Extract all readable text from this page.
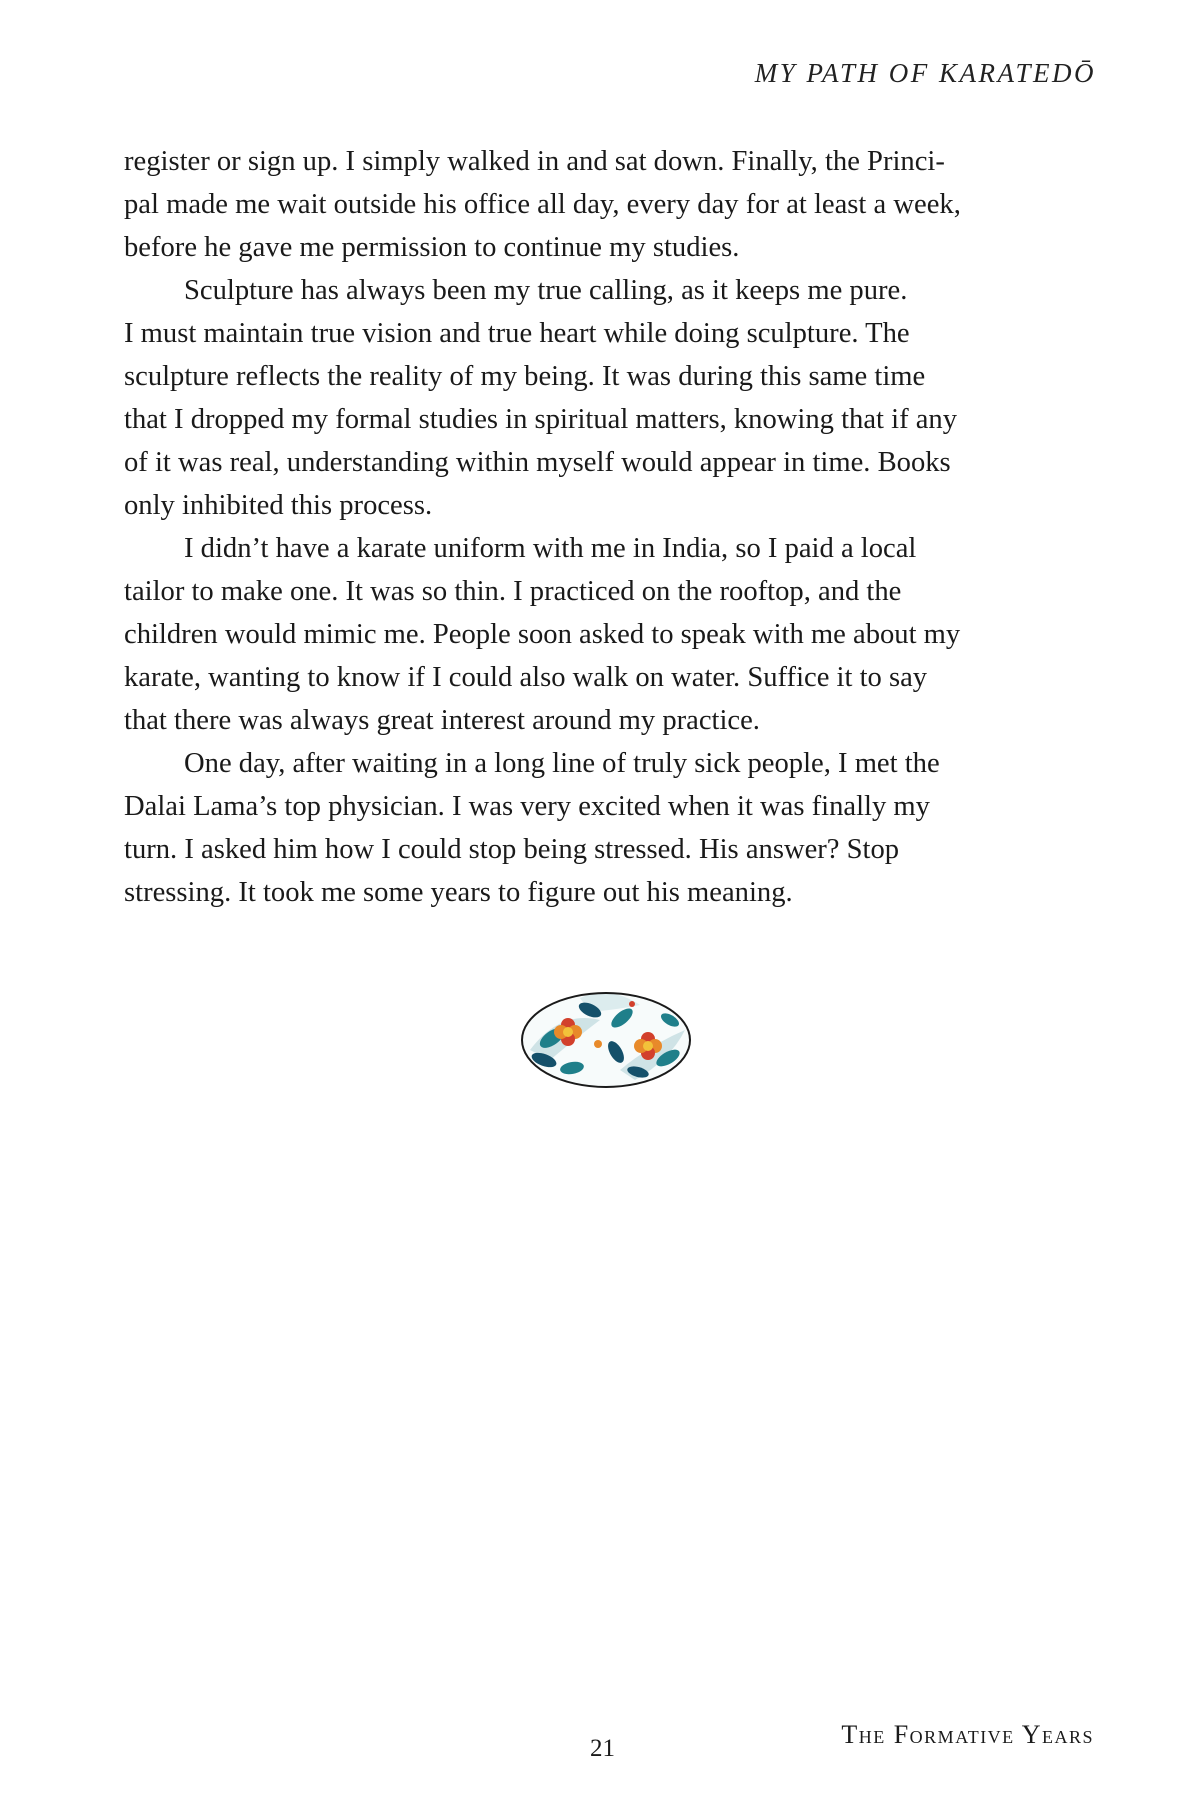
MY PATH OF KARATEDŌ

register or sign up. I simply walked in and sat down. Finally, the Princi-
pal made me wait outside his office all day, every day for at least a week,
before he gave me permission to continue my studies.

Sculpture has always been my true calling, as it keeps me pure.
I must maintain true vision and true heart while doing sculpture. The
sculpture reflects the reality of my being. It was during this same time
that I dropped my formal studies in spiritual matters, knowing that if any
of it was real, understanding within myself would appear in time. Books
only inhibited this process.

I didn’t have a karate uniform with me in India, so I paid a local
tailor to make one. It was so thin. I practiced on the rooftop, and the
children would mimic me. People soon asked to speak with me about my
karate, wanting to know if I could also walk on water. Suffice it to say
that there was always great interest around my practice.

One day, after waiting in a long line of truly sick people, I met the
Dalai Lama’s top physician. I was very excited when it was finally my
turn. I asked him how I could stop being stressed. His answer? Stop
stressing. It took me some years to figure out his meaning.

21	The Formative Years
